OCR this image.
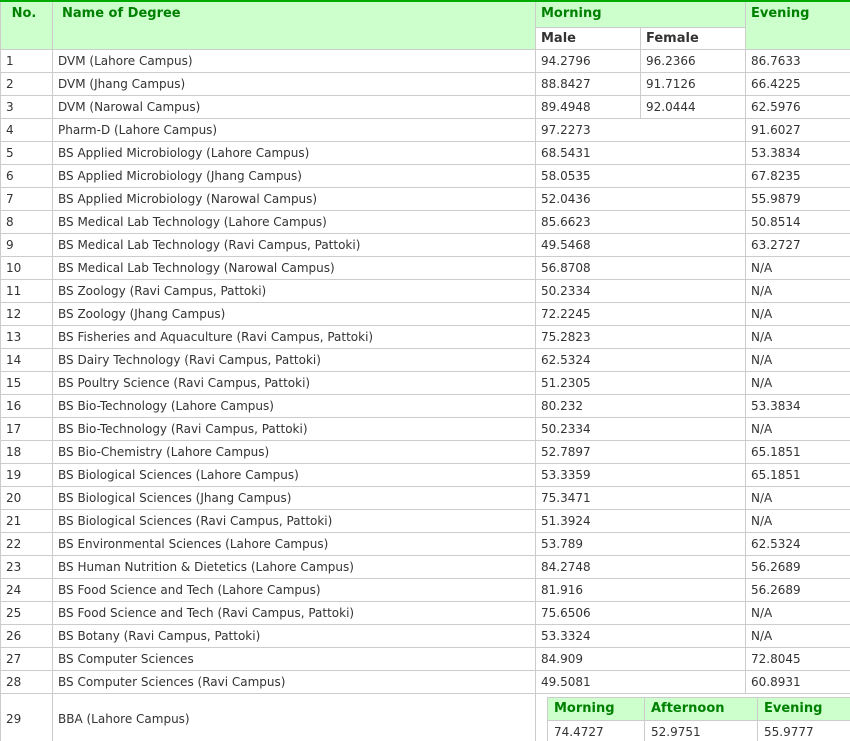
No.	Name of Degree	Morning	Evening
Male	Female
1	DVM (Lahore Campus)	94.2796	96.2366	86.7633
2	DVM (Jhang Campus)	88.8427	91.7126	66.4225
3	DVM (Narowal Campus)	89.4948	92.0444	62.5976
4	Pharm-D (Lahore Campus)	97.2273	91.6027
5	BS Applied Microbiology (Lahore Campus)	68.5431	53.3834
6	BS Applied Microbiology (Jhang Campus)	58.0535	67.8235
7	BS Applied Microbiology (Narowal Campus)	52.0436	55.9879
8	BS Medical Lab Technology (Lahore Campus)	85.6623	50.8514
9	BS Medical Lab Technology (Ravi Campus, Pattoki)	49.5468	63.2727
10	BS Medical Lab Technology (Narowal Campus)	56.8708	N/A
11	BS Zoology (Ravi Campus, Pattoki)	50.2334	N/A
12	BS Zoology (Jhang Campus)	72.2245	N/A
13	BS Fisheries and Aquaculture (Ravi Campus, Pattoki)	75.2823	N/A
14	BS Dairy Technology (Ravi Campus, Pattoki)	62.5324	N/A
15	BS Poultry Science (Ravi Campus, Pattoki)	51.2305	N/A
16	BS Bio-Technology (Lahore Campus)	80.232	53.3834
17	BS Bio-Technology (Ravi Campus, Pattoki)	50.2334	N/A
18	BS Bio-Chemistry (Lahore Campus)	52.7897	65.1851
19	BS Biological Sciences (Lahore Campus)	53.3359	65.1851
20	BS Biological Sciences (Jhang Campus)	75.3471	N/A
21	BS Biological Sciences (Ravi Campus, Pattoki)	51.3924	N/A
22	BS Environmental Sciences (Lahore Campus)	53.789	62.5324
23	BS Human Nutrition & Dietetics (Lahore Campus)	84.2748	56.2689
24	BS Food Science and Tech (Lahore Campus)	81.916	56.2689
25	BS Food Science and Tech (Ravi Campus, Pattoki)	75.6506	N/A
26	BS Botany (Ravi Campus, Pattoki)	53.3324	N/A
27	BS Computer Sciences	84.909	72.8045
28	BS Computer Sciences (Ravi Campus)	49.5081	60.8931
29	BBA (Lahore Campus)	
Morning	Afternoon	Evening
74.4727	52.9751	55.9777
